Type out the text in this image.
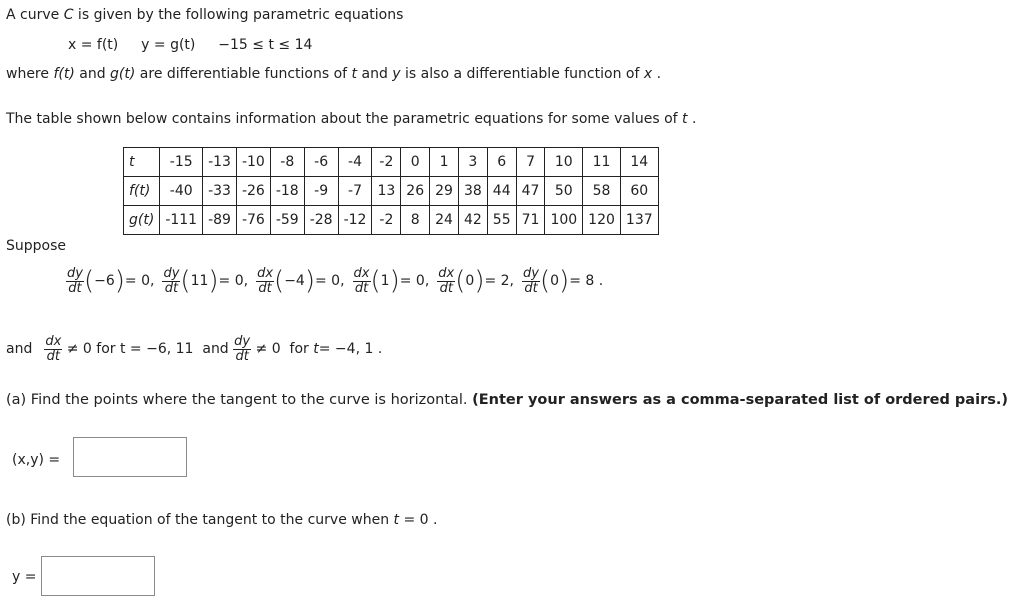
A curve C is given by the following parametric equations
x = f(t) y = g(t) −15 ≤ t ≤ 14
where f(t) and g(t) are differentiable functions of t and y is also a differentiable function of x .
The table shown below contains information about the parametric equations for some values of t .
t	-15	-13	-10	-8	-6	-4	-2	0	1	3	6	7	10	11	14
f(t)	-40	-33	-26	-18	-9	-7	13	26	29	38	44	47	50	58	60
g(t)	-111	-89	-76	-59	-28	-12	-2	8	24	42	55	71	100	120	137
Suppose
$\frac{dy}{dt}$ ( −6 ) = 0, $\frac{dy}{dt}$ ( 11 ) = 0, $\frac{dx}{dt}$ ( −4 ) = 0, $\frac{dx}{dt}$ ( 1 ) = 0, $\frac{dx}{dt}$ ( 0 ) = 2, $\frac{dy}{dt}$ ( 0 ) = 8 .
and $\frac{dx}{dt} \ne 0$ for t = −6, 11  and $\frac{dy}{dt} \ne 0$  for t = −4, 1 .
(a) Find the points where the tangent to the curve is horizontal. (Enter your answers as a comma-separated list of ordered pairs.)
(x,y) =
(b) Find the equation of the tangent to the curve when t = 0 .
y =
